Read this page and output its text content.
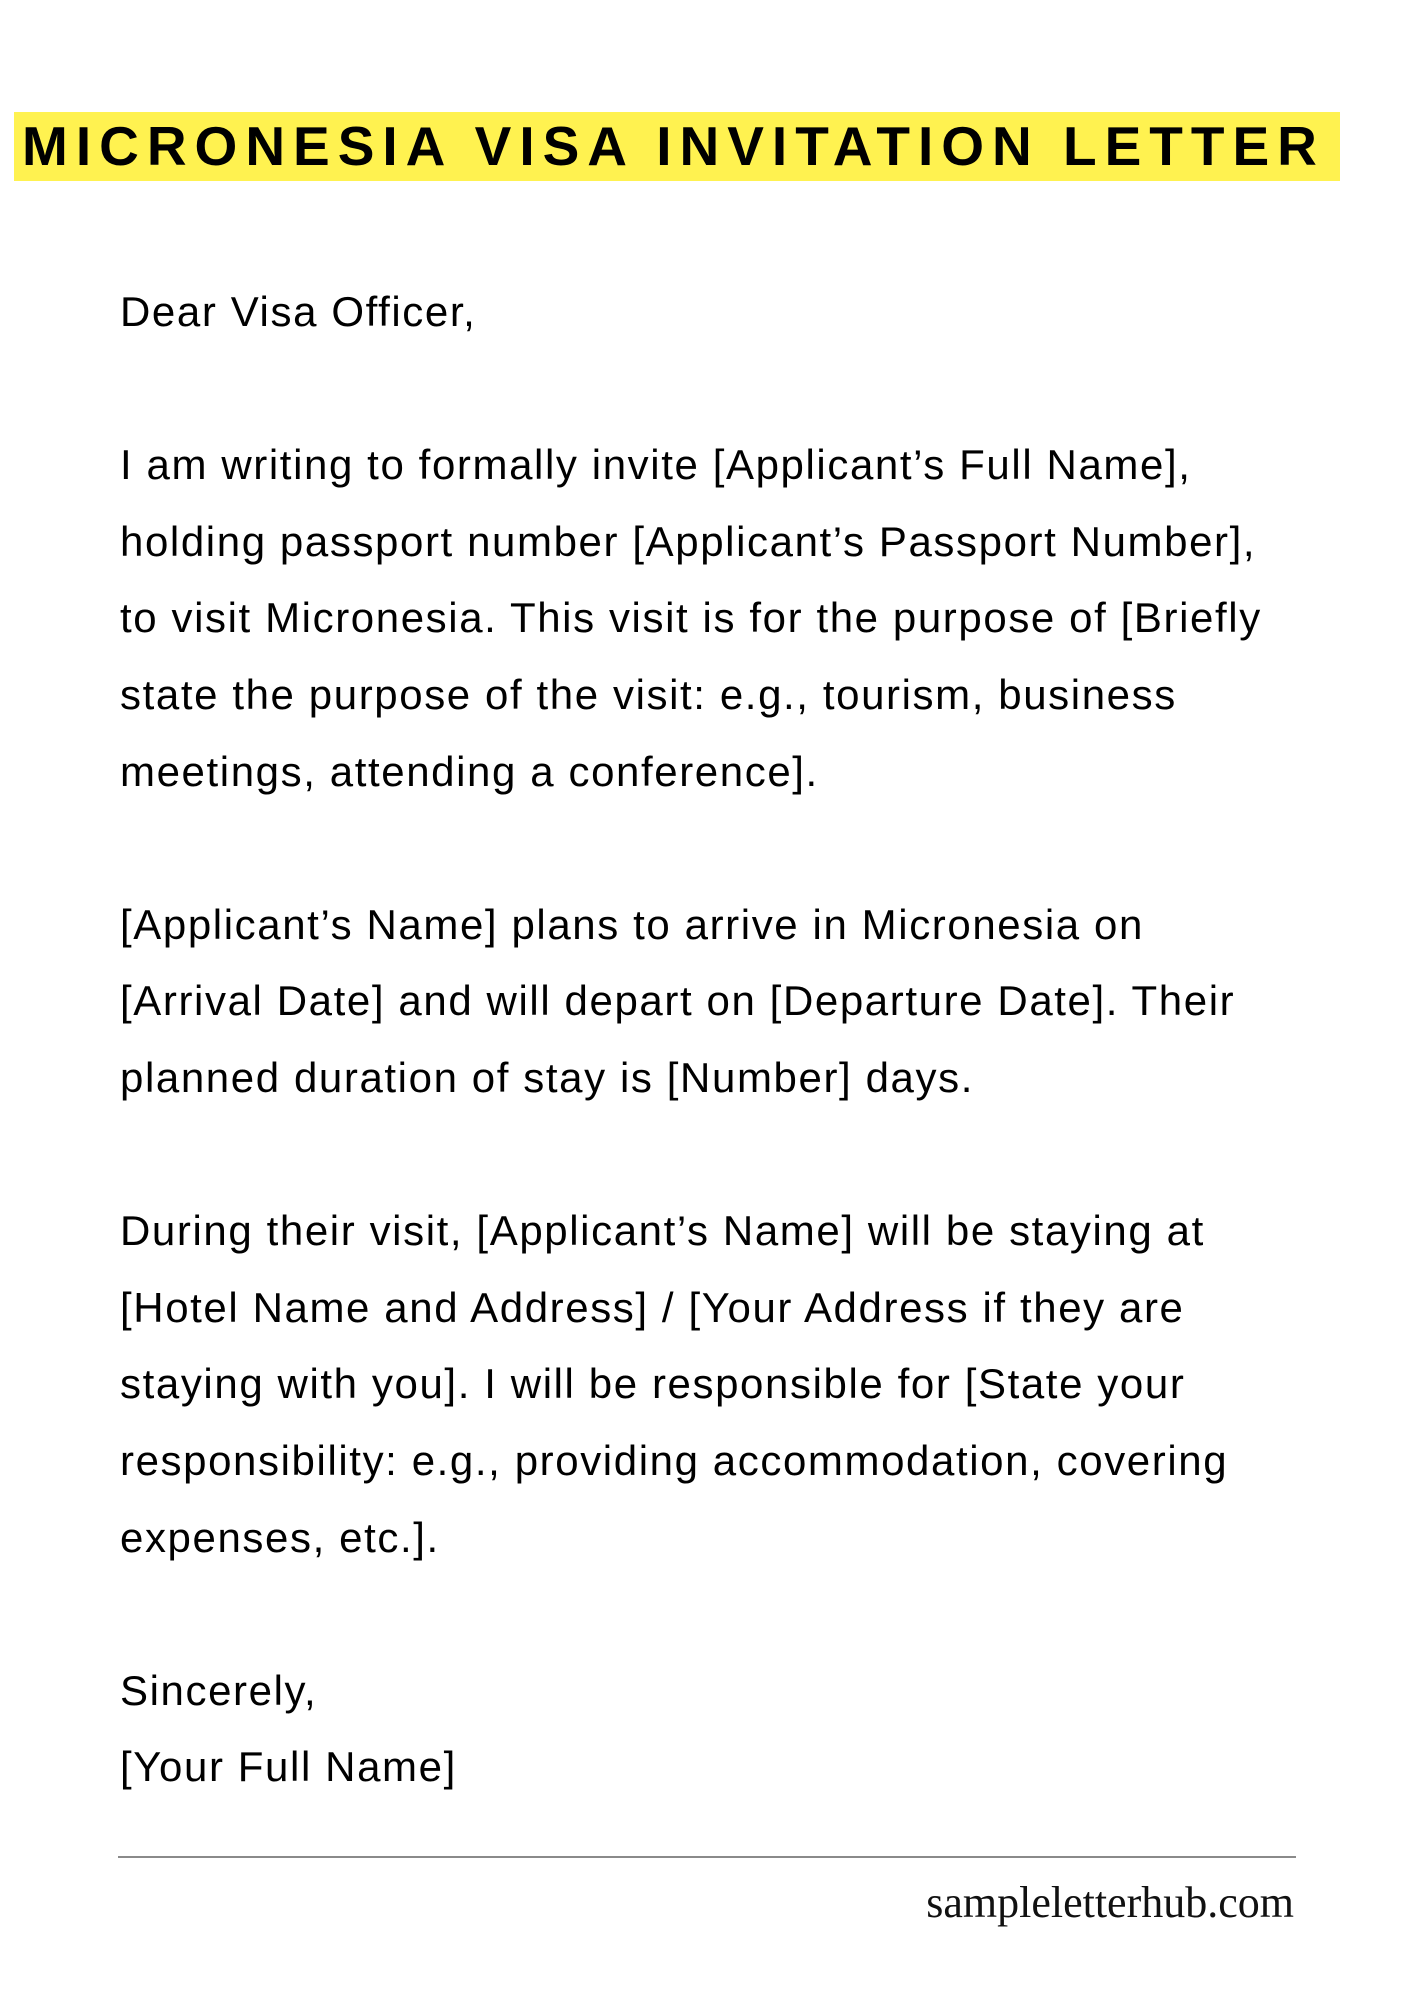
MICRONESIA VISA INVITATION LETTER
Dear Visa Officer,
I am writing to formally invite [Applicant’s Full Name],
holding passport number [Applicant’s Passport Number],
to visit Micronesia. This visit is for the purpose of [Briefly
state the purpose of the visit: e.g., tourism, business
meetings, attending a conference].
[Applicant’s Name] plans to arrive in Micronesia on
[Arrival Date] and will depart on [Departure Date]. Their
planned duration of stay is [Number] days.
During their visit, [Applicant’s Name] will be staying at
[Hotel Name and Address] / [Your Address if they are
staying with you]. I will be responsible for [State your
responsibility: e.g., providing accommodation, covering
expenses, etc.].
Sincerely,
[Your Full Name]
sampleletterhub.com
